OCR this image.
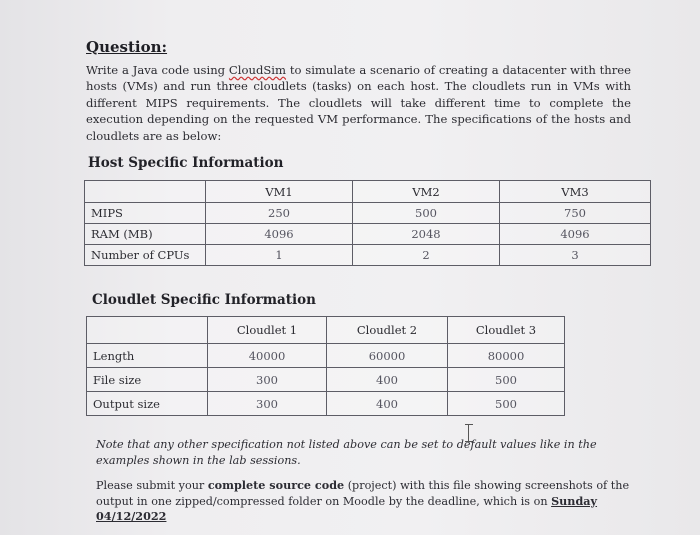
Question:
Write a Java code using CloudSim to simulate a scenario of creating a datacenter with three hosts (VMs) and run three cloudlets (tasks) on each host. The cloudlets run in VMs with different MIPS requirements. The cloudlets will take different time to complete the execution depending on the requested VM performance. The specifications of the hosts and cloudlets are as below:
Host Specific Information
	VM1	VM2	VM3
MIPS	250	500	750
RAM (MB)	4096	2048	4096
Number of CPUs	1	2	3
Cloudlet Specific Information
	Cloudlet 1	Cloudlet 2	Cloudlet 3
Length	40000	60000	80000
File size	300	400	500
Output size	300	400	500
Note that any other specification not listed above can be set to default values like in the examples shown in the lab sessions.
Please submit your complete source code (project) with this file showing screenshots of the output in one zipped/compressed folder on Moodle by the deadline, which is on Sunday 04/12/2022
